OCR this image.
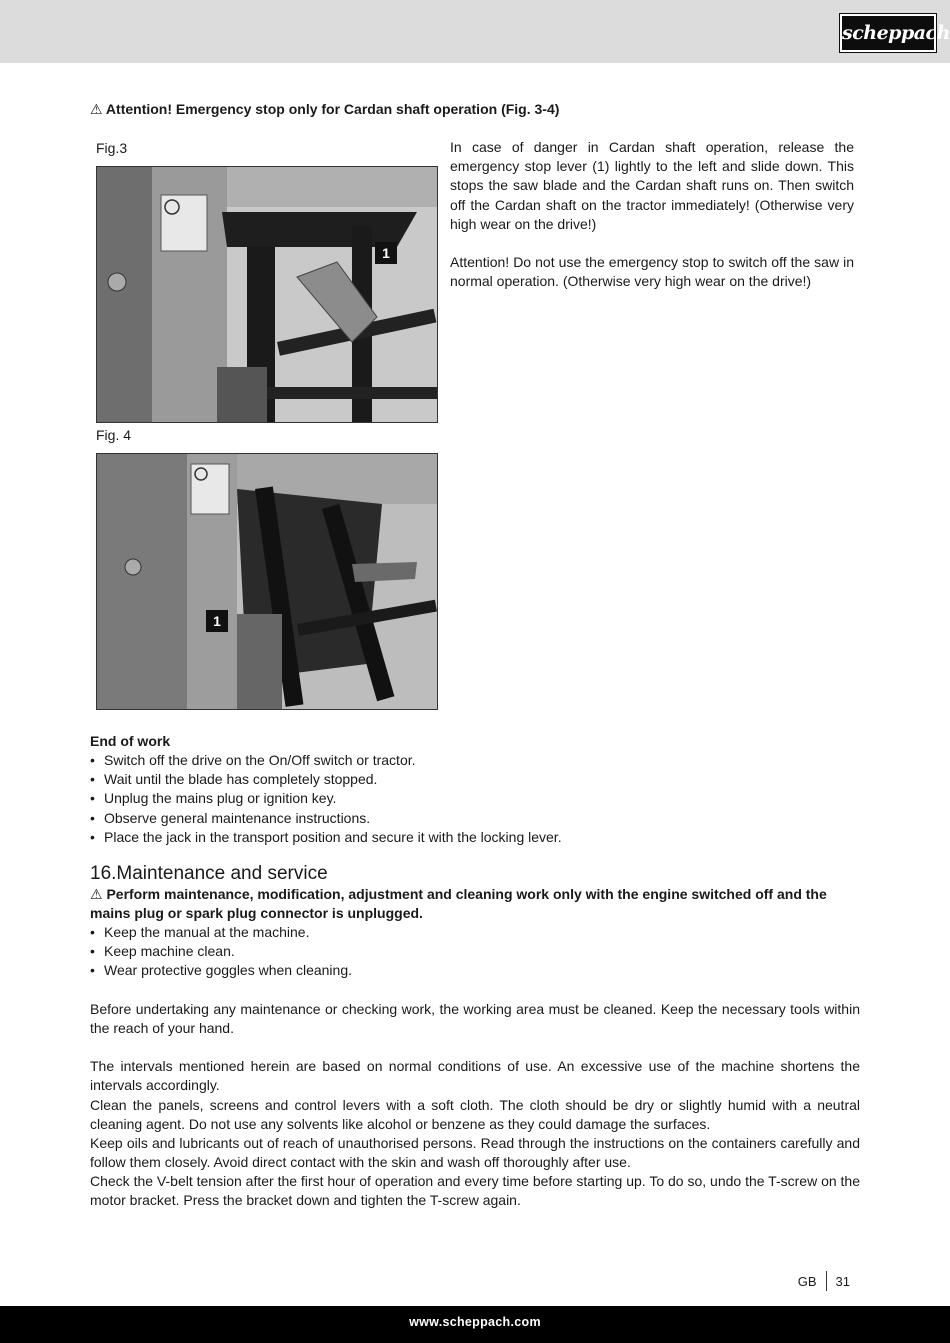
scheppach
⚠ Attention! Emergency stop only for Cardan shaft operation (Fig. 3-4)
Fig.3
1
Fig. 4
1

In case of danger in Cardan shaft operation, release the emergency stop lever (1) lightly to the left and slide down. This stops the saw blade and the Cardan shaft runs on. Then switch off the Cardan shaft on the tractor immediately! (Otherwise very high wear on the drive!)

Attention! Do not use the emergency stop to switch off the saw in normal operation. (Otherwise very high wear on the drive!)

End of work
• Switch off the drive on the On/Off switch or tractor.
• Wait until the blade has completely stopped.
• Unplug the mains plug or ignition key.
• Observe general maintenance instructions.
• Place the jack in the transport position and secure it with the locking lever.
16.Maintenance and service

⚠ Perform maintenance, modification, adjustment and cleaning work only with the engine switched off and the mains plug or spark plug connector is unplugged.

• Keep the manual at the machine.
• Keep machine clean.
• Wear protective goggles when cleaning.

Before undertaking any maintenance or checking work, the working area must be cleaned. Keep the necessary tools within the reach of your hand.

The intervals mentioned herein are based on normal conditions of use. An excessive use of the machine shortens the intervals accordingly.

Clean the panels, screens and control levers with a soft cloth. The cloth should be dry or slightly humid with a neutral cleaning agent. Do not use any solvents like alcohol or benzene as they could damage the surfaces.

Keep oils and lubricants out of reach of unauthorised persons. Read through the instructions on the containers carefully and follow them closely. Avoid direct contact with the skin and wash off thoroughly after use.

Check the V-belt tension after the first hour of operation and every time before starting up. To do so, undo the T-screw on the motor bracket. Press the bracket down and tighten the T-screw again.

GB 31
www.scheppach.com
